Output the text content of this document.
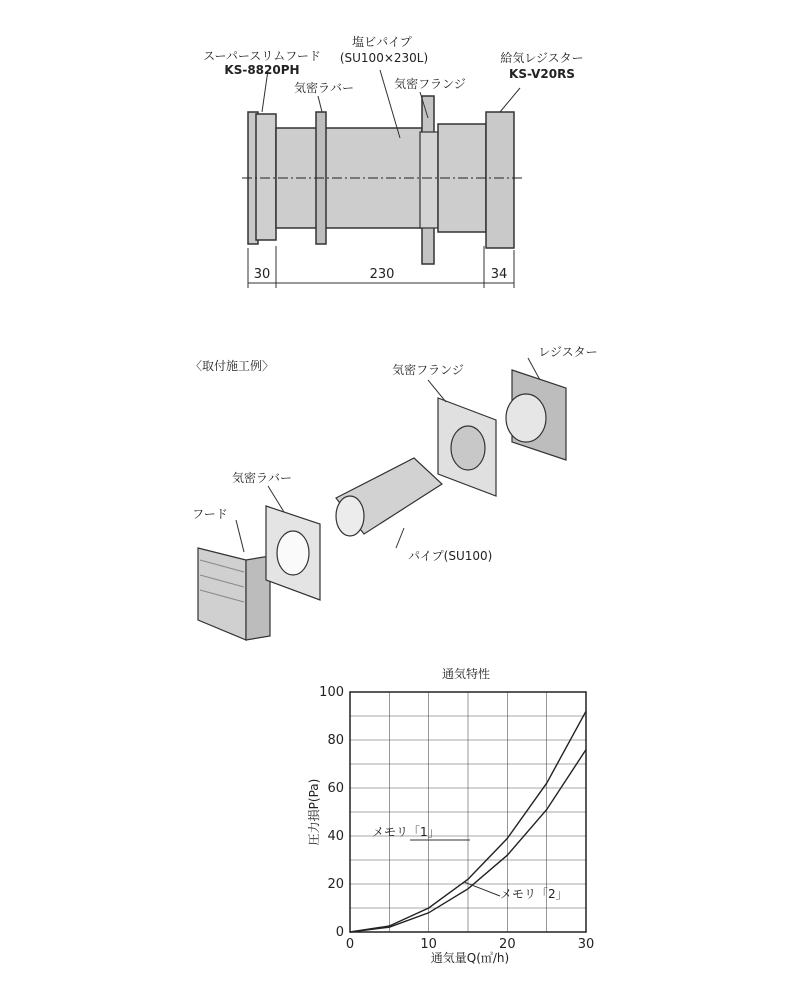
スーパースリムフード
KS-8820PH
塩ビパイプ
(SU100×230L)
気密ラバー	気密フランジ
給気レジスター
KS-V20RS
30	230	34
〈取付施工例〉	気密フランジ
レジスター
気密ラバー
フード
パイプ(SU100)
通気特性
0	10	20	30
0
20
40
60
80
100
通気量Q(㎥/h)
圧力損P(Pa)	メモリ「1」
メモリ「2」
